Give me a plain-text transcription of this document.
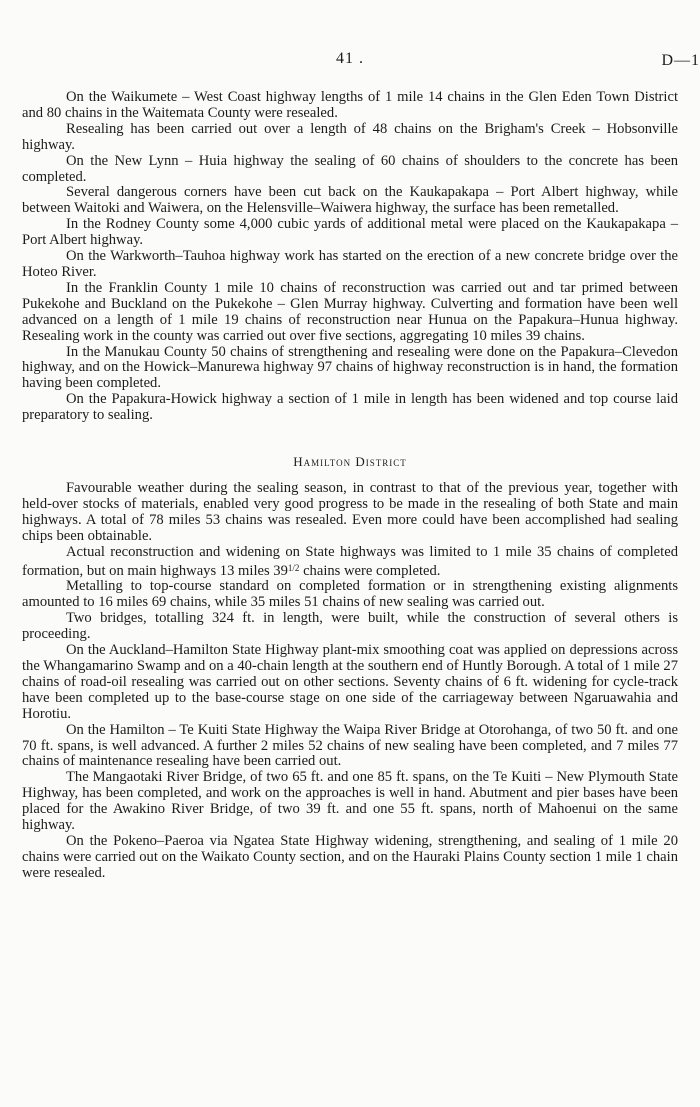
41 .	D—1

On the Waikumete – West Coast highway lengths of 1 mile 14 chains in the Glen Eden Town District and 80 chains in the Waitemata County were resealed.

Resealing has been carried out over a length of 48 chains on the Brigham's Creek – Hobsonville highway.

On the New Lynn – Huia highway the sealing of 60 chains of shoulders to the concrete has been completed.

Several dangerous corners have been cut back on the Kaukapakapa – Port Albert highway, while between Waitoki and Waiwera, on the Helensville–Waiwera highway, the surface has been remetalled.

In the Rodney County some 4,000 cubic yards of additional metal were placed on the Kaukapakapa – Port Albert highway.

On the Warkworth–Tauhoa highway work has started on the erection of a new concrete bridge over the Hoteo River.

In the Franklin County 1 mile 10 chains of reconstruction was carried out and tar primed between Pukekohe and Buckland on the Pukekohe – Glen Murray highway. Culverting and formation have been well advanced on a length of 1 mile 19 chains of reconstruction near Hunua on the Papakura–Hunua highway. Resealing work in the county was carried out over five sections, aggregating 10 miles 39 chains.

In the Manukau County 50 chains of strengthening and resealing were done on the Papakura–Clevedon highway, and on the Howick–Manurewa highway 97 chains of highway reconstruction is in hand, the formation having been completed.

On the Papakura-Howick highway a section of 1 mile in length has been widened and top course laid preparatory to sealing.

Hamilton District

Favourable weather during the sealing season, in contrast to that of the previous year, together with held-over stocks of materials, enabled very good progress to be made in the resealing of both State and main highways. A total of 78 miles 53 chains was resealed. Even more could have been accomplished had sealing chips been obtainable.

Actual reconstruction and widening on State highways was limited to 1 mile 35 chains of completed formation, but on main highways 13 miles $39^{1/2}$ chains were completed.

Metalling to top-course standard on completed formation or in strengthening existing alignments amounted to 16 miles 69 chains, while 35 miles 51 chains of new sealing was carried out.

Two bridges, totalling 324 ft. in length, were built, while the construction of several others is proceeding.

On the Auckland–Hamilton State Highway plant-mix smoothing coat was applied on depressions across the Whangamarino Swamp and on a 40-chain length at the southern end of Huntly Borough. A total of 1 mile 27 chains of road-oil resealing was carried out on other sections. Seventy chains of 6 ft. widening for cycle-track have been completed up to the base-course stage on one side of the carriageway between Ngaruawahia and Horotiu.

On the Hamilton – Te Kuiti State Highway the Waipa River Bridge at Otorohanga, of two 50 ft. and one 70 ft. spans, is well advanced. A further 2 miles 52 chains of new sealing have been completed, and 7 miles 77 chains of maintenance resealing have been carried out.

The Mangaotaki River Bridge, of two 65 ft. and one 85 ft. spans, on the Te Kuiti – New Plymouth State Highway, has been completed, and work on the approaches is well in hand. Abutment and pier bases have been placed for the Awakino River Bridge, of two 39 ft. and one 55 ft. spans, north of Mahoenui on the same highway.

On the Pokeno–Paeroa via Ngatea State Highway widening, strengthening, and sealing of 1 mile 20 chains were carried out on the Waikato County section, and on the Hauraki Plains County section 1 mile 1 chain were resealed.
